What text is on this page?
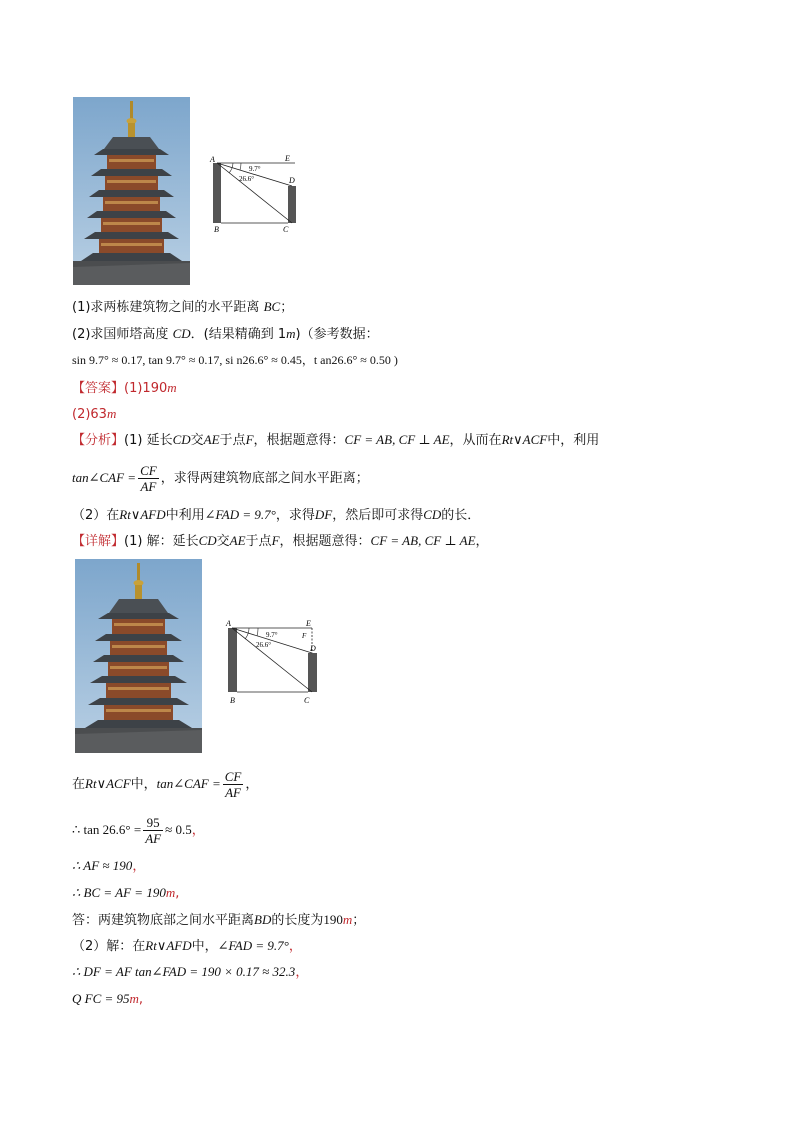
A	E
D
B	C
9.7°
26.6°
(1)求两栋建筑物之间的水平距离 BC；
(2)求国师塔高度 CD．(结果精确到 1m)（参考数据：
sin 9.7° ≈ 0.17, tan 9.7° ≈ 0.17, si n26.6° ≈ 0.45，t an26.6° ≈ 0.50 )
【答案】(1)190m
(2)63m
【分析】(1) 延长CD交AE于点F，根据题意得：CF = AB, CF ⊥ AE，从而在Rt∨ACF中，利用
tan∠CAF = $\frac{CF}{AF}$ ，求得两建筑物底部之间水平距离；
（2）在Rt∨AFD中利用∠FAD = 9.7°，求得DF，然后即可求得CD的长．
【详解】(1) 解：延长CD交AE于点F，根据题意得：CF = AB, CF ⊥ AE，
A	E
F
D
B	C
9.7°
26.6°
在Rt∨ACF中，tan∠CAF = $\frac{CF}{AF}$ ，
∴ $\tan 26.6^\circ = \frac{95}{AF} \approx 0.5$，
∴ AF ≈ 190，
∴ BC = AF = 190m,
答：两建筑物底部之间水平距离BD的长度为190m；
（2）解：在Rt∨AFD中，∠FAD = 9.7°，
∴ DF = AF tan∠FAD = 190 × 0.17 ≈ 32.3，
Q FC = 95m,
